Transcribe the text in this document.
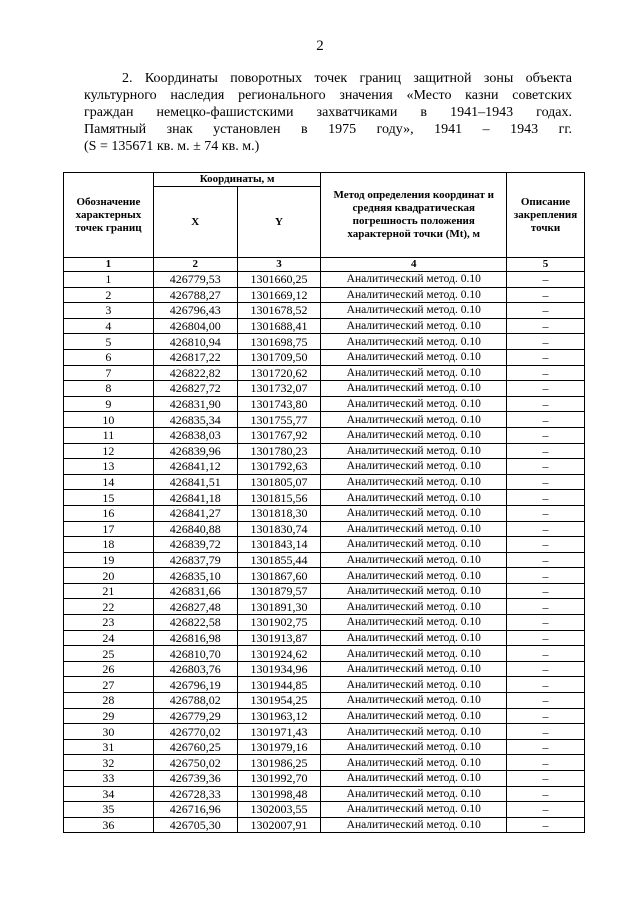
2
2. Координаты поворотных точек границ защитной зоны объекта
культурного наследия регионального значения «Место казни советских
граждан немецко-фашистскими захватчиками в 1941–1943 годах.
Памятный знак установлен в 1975 году», 1941 – 1943 гг.
(S = 135671 кв. м. ± 74 кв. м.)
Обозначение характерных точек границ	Координаты, м		Метод определения координат и средняя квадратическая погрешность положения характерной точки (Mt), м	Описание закрепления точки
	X	Y		
1	2	3	4	5
1	426779,53	1301660,25	Аналитический метод. 0.10	–
2	426788,27	1301669,12	Аналитический метод. 0.10	–
3	426796,43	1301678,52	Аналитический метод. 0.10	–
4	426804,00	1301688,41	Аналитический метод. 0.10	–
5	426810,94	1301698,75	Аналитический метод. 0.10	–
6	426817,22	1301709,50	Аналитический метод. 0.10	–
7	426822,82	1301720,62	Аналитический метод. 0.10	–
8	426827,72	1301732,07	Аналитический метод. 0.10	–
9	426831,90	1301743,80	Аналитический метод. 0.10	–
10	426835,34	1301755,77	Аналитический метод. 0.10	–
11	426838,03	1301767,92	Аналитический метод. 0.10	–
12	426839,96	1301780,23	Аналитический метод. 0.10	–
13	426841,12	1301792,63	Аналитический метод. 0.10	–
14	426841,51	1301805,07	Аналитический метод. 0.10	–
15	426841,18	1301815,56	Аналитический метод. 0.10	–
16	426841,27	1301818,30	Аналитический метод. 0.10	–
17	426840,88	1301830,74	Аналитический метод. 0.10	–
18	426839,72	1301843,14	Аналитический метод. 0.10	–
19	426837,79	1301855,44	Аналитический метод. 0.10	–
20	426835,10	1301867,60	Аналитический метод. 0.10	–
21	426831,66	1301879,57	Аналитический метод. 0.10	–
22	426827,48	1301891,30	Аналитический метод. 0.10	–
23	426822,58	1301902,75	Аналитический метод. 0.10	–
24	426816,98	1301913,87	Аналитический метод. 0.10	–
25	426810,70	1301924,62	Аналитический метод. 0.10	–
26	426803,76	1301934,96	Аналитический метод. 0.10	–
27	426796,19	1301944,85	Аналитический метод. 0.10	–
28	426788,02	1301954,25	Аналитический метод. 0.10	–
29	426779,29	1301963,12	Аналитический метод. 0.10	–
30	426770,02	1301971,43	Аналитический метод. 0.10	–
31	426760,25	1301979,16	Аналитический метод. 0.10	–
32	426750,02	1301986,25	Аналитический метод. 0.10	–
33	426739,36	1301992,70	Аналитический метод. 0.10	–
34	426728,33	1301998,48	Аналитический метод. 0.10	–
35	426716,96	1302003,55	Аналитический метод. 0.10	–
36	426705,30	1302007,91	Аналитический метод. 0.10	–
